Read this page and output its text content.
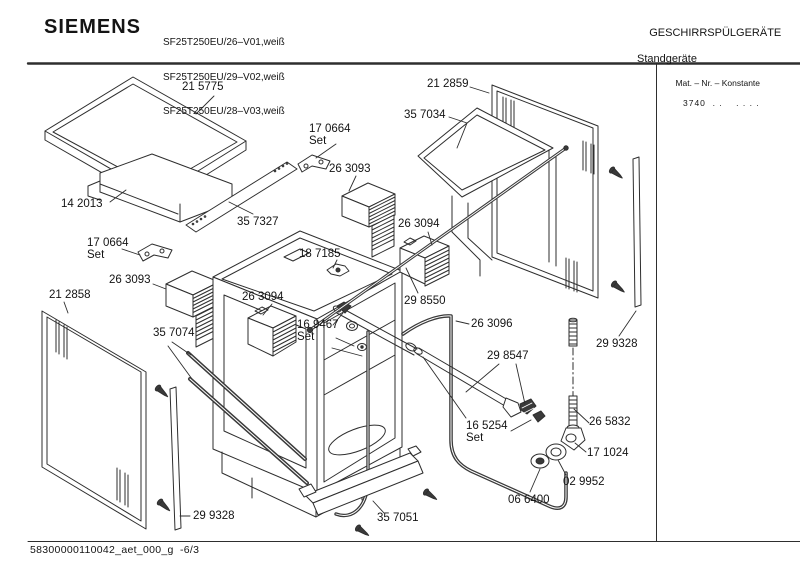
SIEMENS

SF25T250EU/26–V01,weiß

SF25T250EU/29–V02,weiß

SF25T250EU/28–V03,weiß

GESCHIRRSPÜLGERÄTE

Standgeräte

Mat. – Nr. – Konstante

3740  . .    . . . .

21 5775
17 0664
Set
26 3093
35 7327
14 2013
17 0664
Set
26 3093
21 2858
35 7074
26 3094
18 7185
16 9467
Set
26 3094
29 8550
26 3096
29 8547
16 5254
Set
21 2859
35 7034
29 9328
26 5832
17 1024
02 9952
06 6400
29 9328	35 7051
58300000110042_aet_000_g -6/3
